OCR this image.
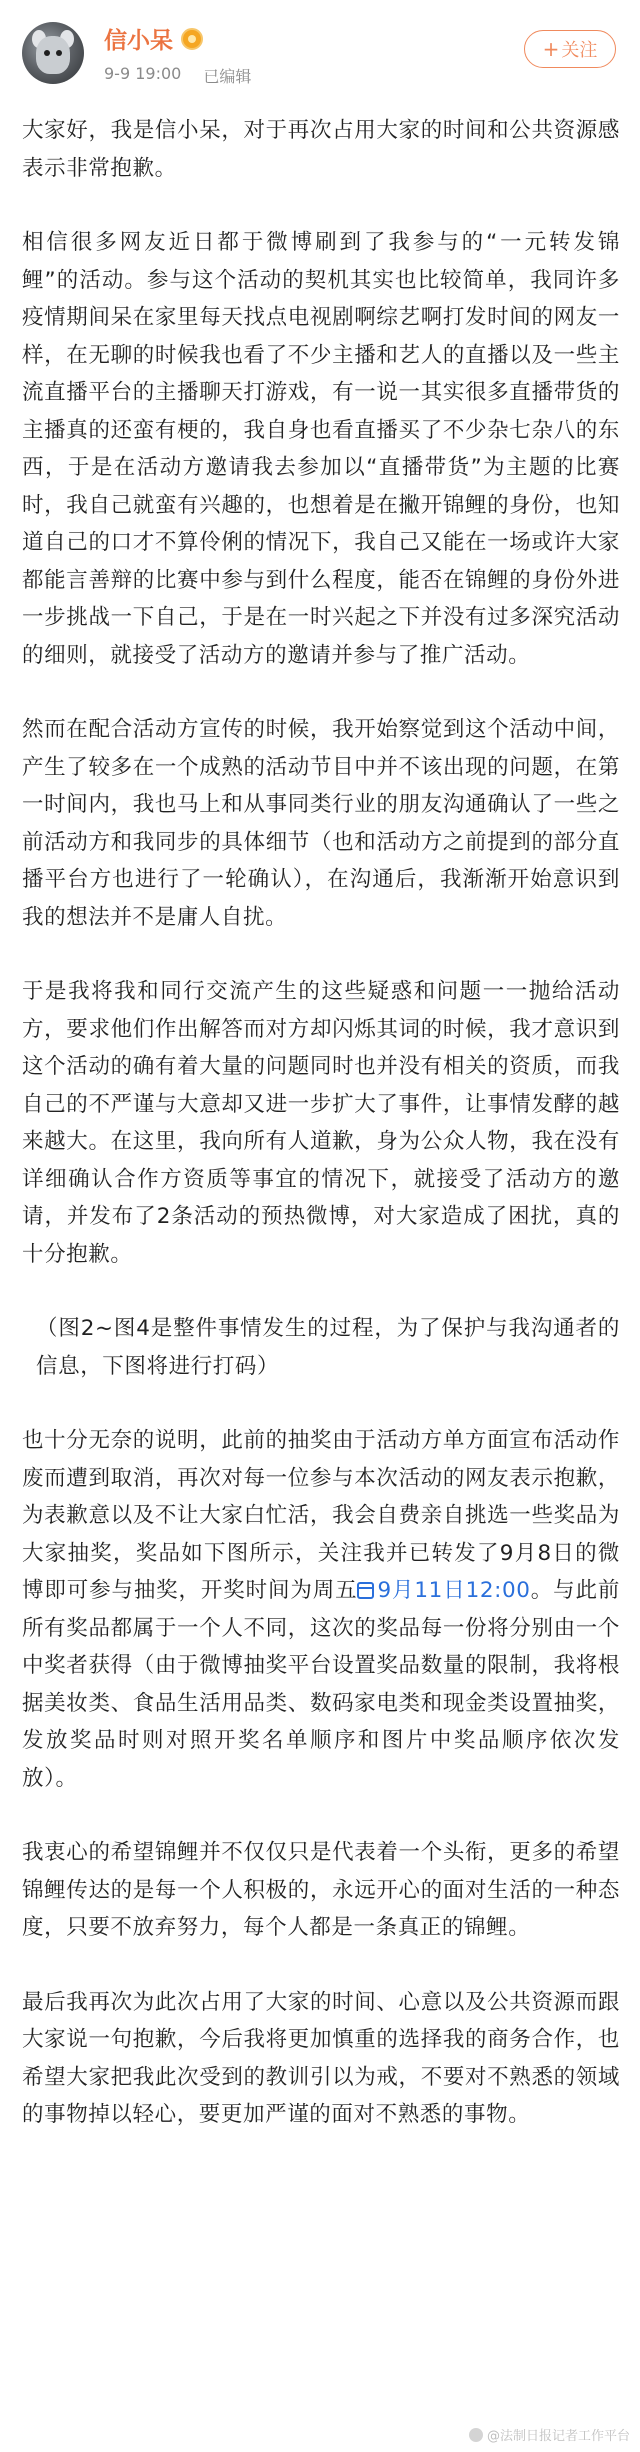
信小呆
9-9 19:00 已编辑
+ 关注

大家好，我是信小呆，对于再次占用大家的时间和公共资源感表示非常抱歉。

相信很多网友近日都于微博刷到了我参与的“一元转发锦鲤”的活动。参与这个活动的契机其实也比较简单，我同许多疫情期间呆在家里每天找点电视剧啊综艺啊打发时间的网友一样，在无聊的时候我也看了不少主播和艺人的直播以及一些主流直播平台的主播聊天打游戏，有一说一其实很多直播带货的主播真的还蛮有梗的，我自身也看直播买了不少杂七杂八的东西，于是在活动方邀请我去参加以“直播带货”为主题的比赛时，我自己就蛮有兴趣的，也想着是在撇开锦鲤的身份，也知道自己的口才不算伶俐的情况下，我自己又能在一场或许大家都能言善辩的比赛中参与到什么程度，能否在锦鲤的身份外进一步挑战一下自己，于是在一时兴起之下并没有过多深究活动的细则，就接受了活动方的邀请并参与了推广活动。

然而在配合活动方宣传的时候，我开始察觉到这个活动中间，产生了较多在一个成熟的活动节目中并不该出现的问题，在第一时间内，我也马上和从事同类行业的朋友沟通确认了一些之前活动方和我同步的具体细节（也和活动方之前提到的部分直播平台方也进行了一轮确认），在沟通后，我渐渐开始意识到我的想法并不是庸人自扰。

于是我将我和同行交流产生的这些疑惑和问题一一抛给活动方，要求他们作出解答而对方却闪烁其词的时候，我才意识到这个活动的确有着大量的问题同时也并没有相关的资质，而我自己的不严谨与大意却又进一步扩大了事件，让事情发酵的越来越大。在这里，我向所有人道歉，身为公众人物，我在没有详细确认合作方资质等事宜的情况下，就接受了活动方的邀请，并发布了2条活动的预热微博，对大家造成了困扰，真的十分抱歉。

（图2~图4是整件事情发生的过程，为了保护与我沟通者的信息，下图将进行打码）

也十分无奈的说明，此前的抽奖由于活动方单方面宣布活动作废而遭到取消，再次对每一位参与本次活动的网友表示抱歉，为表歉意以及不让大家白忙活，我会自费亲自挑选一些奖品为大家抽奖，奖品如下图所示，关注我并已转发了9月8日的微博即可参与抽奖，开奖时间为周五 9月11日12:00。与此前所有奖品都属于一个人不同，这次的奖品每一份将分别由一个中奖者获得（由于微博抽奖平台设置奖品数量的限制，我将根据美妆类、食品生活用品类、数码家电类和现金类设置抽奖，发放奖品时则对照开奖名单顺序和图片中奖品顺序依次发放）。

我衷心的希望锦鲤并不仅仅只是代表着一个头衔，更多的希望锦鲤传达的是每一个人积极的，永远开心的面对生活的一种态度，只要不放弃努力，每个人都是一条真正的锦鲤。

最后我再次为此次占用了大家的时间、心意以及公共资源而跟大家说一句抱歉，今后我将更加慎重的选择我的商务合作，也希望大家把我此次受到的教训引以为戒，不要对不熟悉的领域的事物掉以轻心，要更加严谨的面对不熟悉的事物。

@法制日报记者工作平台
